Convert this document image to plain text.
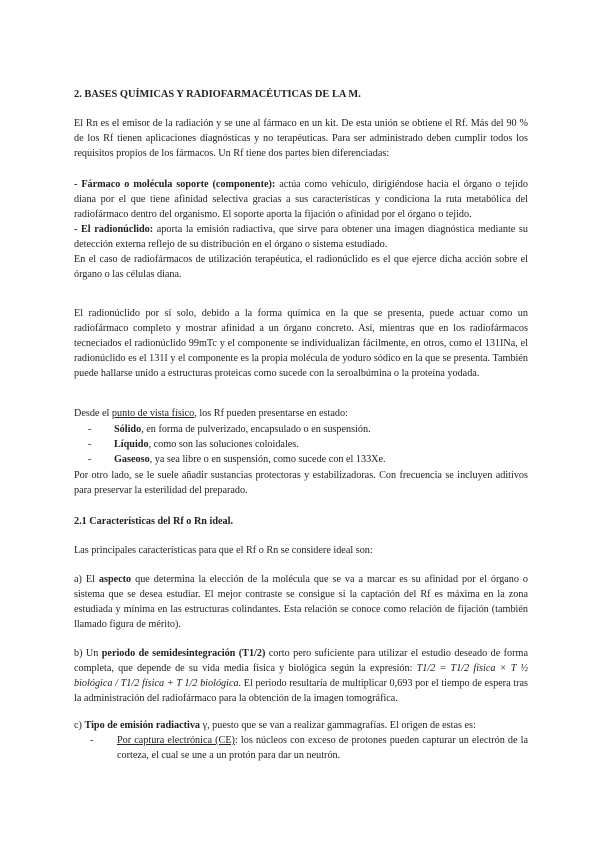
2. BASES QUÍMICAS Y RADIOFARMACÉUTICAS DE LA M.

El Rn es el emisor de la radiación y se une al fármaco en un kit. De esta unión se obtiene el Rf. Más del 90 % de los Rf tienen aplicaciones diagnósticas y no terapéuticas. Para ser administrado deben cumplir todos los requisitos propios de los fármacos. Un Rf tiene dos partes bien diferenciadas:

- Fármaco o molécula soporte (componente): actúa como vehículo, dirigiéndose hacia el órgano o tejido diana por el que tiene afinidad selectiva gracias a sus características y condiciona la ruta metabólica del radiofármaco dentro del organismo. El soporte aporta la fijación o afinidad por el órgano o tejido.

- El radionúclido: aporta la emisión radiactiva, que sirve para obtener una imagen diagnóstica mediante su detección externa reflejo de su distribución en el órgano o sistema estudiado.

En el caso de radiofármacos de utilización terapéutica, el radionúclido es el que ejerce dicha acción sobre el órgano o las células diana.

El radionúclido por sí solo, debido a la forma química en la que se presenta, puede actuar como un radiofármaco completo y mostrar afinidad a un órgano concreto. Así, mientras que en los radiofármacos tecneciados el radionúclido 99mTc y el componente se individualizan fácilmente, en otros, como el 131INa, el radionúclido es el 131I y el componente es la propia molécula de yoduro sódico en la que se presenta. También puede hallarse unido a estructuras proteicas como sucede con la seroalbúmina o la proteína yodada.

Desde el punto de vista físico, los Rf pueden presentarse en estado:

-	Sólido, en forma de pulverizado, encapsulado o en suspensión.
-	Líquido, como son las soluciones coloidales.
-	Gaseoso, ya sea libre o en suspensión, como sucede con el 133Xe.

Por otro lado, se le suele añadir sustancias protectoras y estabilizadoras. Con frecuencia se incluyen aditivos para preservar la esterilidad del preparado.

2.1 Características del Rf o Rn ideal.

Las principales características para que el Rf o Rn se considere ideal son:

a) El aspecto que determina la elección de la molécula que se va a marcar es su afinidad por el órgano o sistema que se desea estudiar. El mejor contraste se consigue si la captación del Rf es máxima en la zona estudiada y mínima en las estructuras colindantes. Esta relación se conoce como relación de fijación (también llamado figura de mérito).

b) Un periodo de semidesintegración (T1/2) corto pero suficiente para utilizar el estudio deseado de forma completa, que depende de su vida media física y biológica según la expresión: T1/2 = T1/2 física × T ½ biológica / T1/2 física + T 1/2 biológica. El periodo resultaría de multiplicar 0,693 por el tiempo de espera tras la administración del radiofármaco para la obtención de la imagen tomográfica.

c) Tipo de emisión radiactiva γ, puesto que se van a realizar gammagrafías. El origen de estas es:

-	Por captura electrónica (CE): los núcleos con exceso de protones pueden capturar un electrón de la corteza, el cual se une a un protón para dar un neutrón.
